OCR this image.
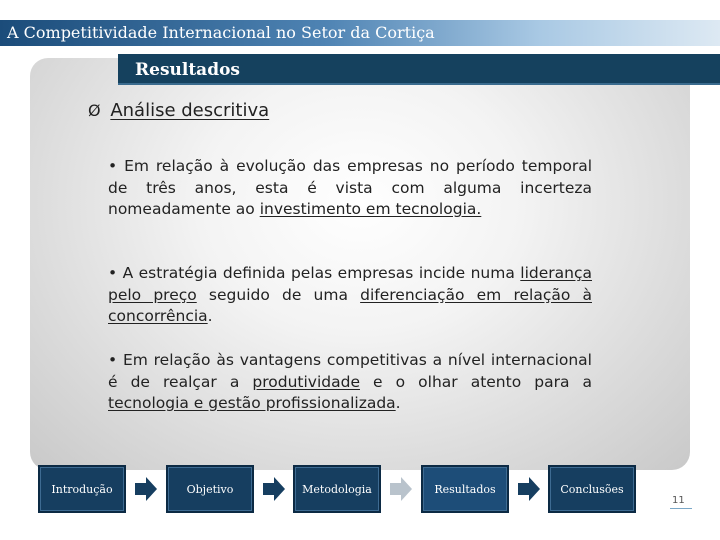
A Competitividade Internacional no Setor da Cortiça
Resultados
Ø Análise descritiva
• Em relação à evolução das empresas no período temporal de três anos, esta é vista com alguma incerteza nomeadamente ao investimento em tecnologia.
• A estratégia definida pelas empresas incide numa liderança pelo preço seguido de uma diferenciação em relação à concorrência.
• Em relação às vantagens competitivas a nível internacional é de realçar a produtividade e o olhar atento para a tecnologia e gestão profissionalizada.
Introdução	Objetivo	Metodologia	Resultados	Conclusões
11
